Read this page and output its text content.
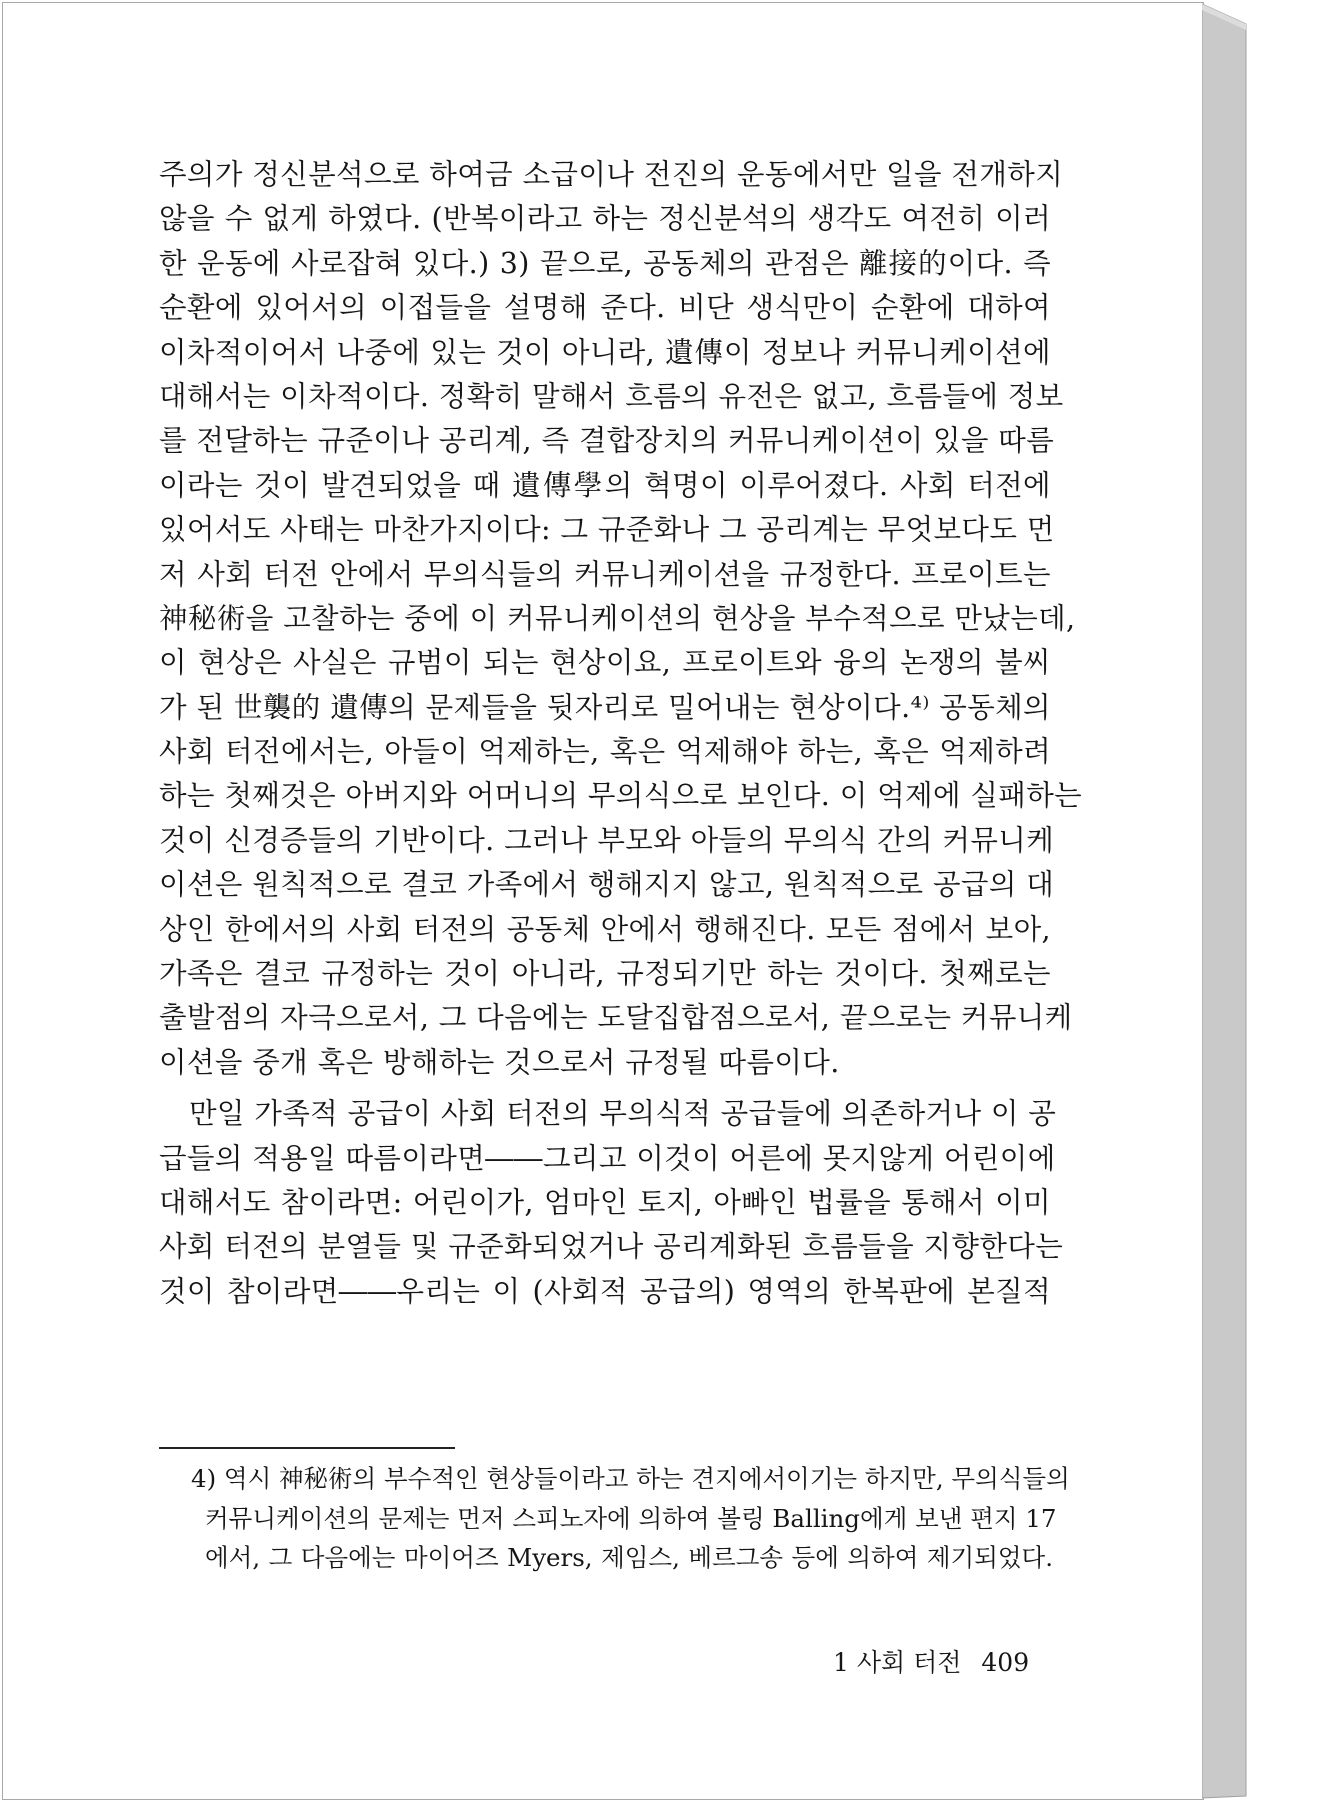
주의가 정신분석으로 하여금 소급이나 전진의 운동에서만 일을 전개하지
않을 수 없게 하였다. (반복이라고 하는 정신분석의 생각도 여전히 이러
한 운동에 사로잡혀 있다.) 3) 끝으로, 공동체의 관점은 離接的이다. 즉
순환에 있어서의 이접들을 설명해 준다. 비단 생식만이 순환에 대하여
이차적이어서 나중에 있는 것이 아니라, 遺傳이 정보나 커뮤니케이션에
대해서는 이차적이다. 정확히 말해서 흐름의 유전은 없고, 흐름들에 정보
를 전달하는 규준이나 공리계, 즉 결합장치의 커뮤니케이션이 있을 따름
이라는 것이 발견되었을 때 遺傳學의 혁명이 이루어졌다. 사회 터전에
있어서도 사태는 마찬가지이다: 그 규준화나 그 공리계는 무엇보다도 먼
저 사회 터전 안에서 무의식들의 커뮤니케이션을 규정한다. 프로이트는
神秘術을 고찰하는 중에 이 커뮤니케이션의 현상을 부수적으로 만났는데,
이 현상은 사실은 규범이 되는 현상이요, 프로이트와 융의 논쟁의 불씨
가 된 世襲的 遺傳의 문제들을 뒷자리로 밀어내는 현상이다.⁴⁾ 공동체의
사회 터전에서는, 아들이 억제하는, 혹은 억제해야 하는, 혹은 억제하려
하는 첫째것은 아버지와 어머니의 무의식으로 보인다. 이 억제에 실패하는
것이 신경증들의 기반이다. 그러나 부모와 아들의 무의식 간의 커뮤니케
이션은 원칙적으로 결코 가족에서 행해지지 않고, 원칙적으로 공급의 대
상인 한에서의 사회 터전의 공동체 안에서 행해진다. 모든 점에서 보아,
가족은 결코 규정하는 것이 아니라, 규정되기만 하는 것이다. 첫째로는
출발점의 자극으로서, 그 다음에는 도달집합점으로서, 끝으로는 커뮤니케
이션을 중개 혹은 방해하는 것으로서 규정될 따름이다.
만일 가족적 공급이 사회 터전의 무의식적 공급들에 의존하거나 이 공
급들의 적용일 따름이라면――그리고 이것이 어른에 못지않게 어린이에
대해서도 참이라면: 어린이가, 엄마인 토지, 아빠인 법률을 통해서 이미
사회 터전의 분열들 및 규준화되었거나 공리계화된 흐름들을 지향한다는
것이 참이라면――우리는 이 (사회적 공급의) 영역의 한복판에 본질적
4) 역시 神秘術의 부수적인 현상들이라고 하는 견지에서이기는 하지만, 무의식들의
커뮤니케이션의 문제는 먼저 스피노자에 의하여 볼링 Balling에게 보낸 편지 17
에서, 그 다음에는 마이어즈 Myers, 제임스, 베르그송 등에 의하여 제기되었다.
1 사회 터전 409
